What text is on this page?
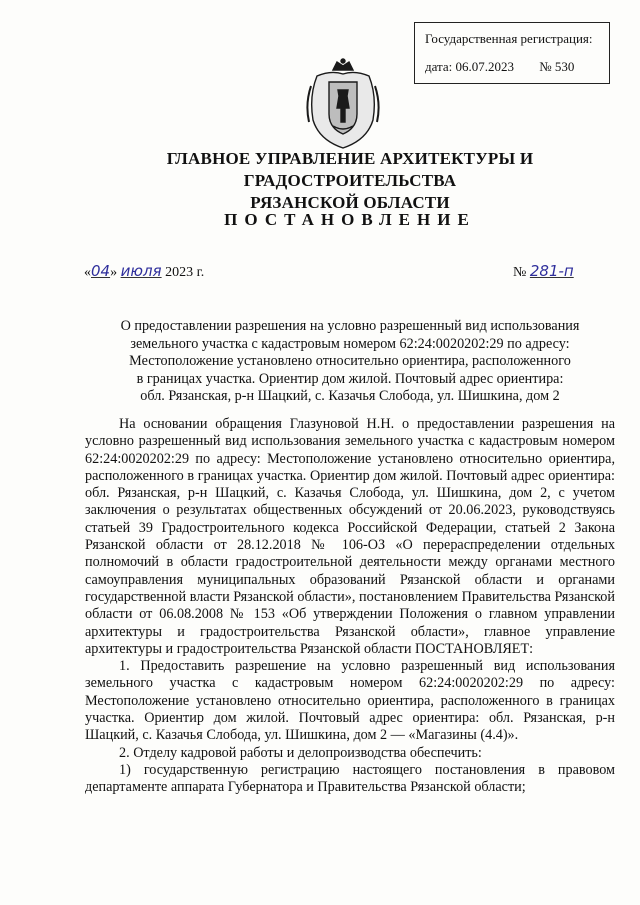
Государственная регистрация:
дата: 06.07.2023 № 530
ГЛАВНОЕ УПРАВЛЕНИЕ АРХИТЕКТУРЫ И ГРАДОСТРОИТЕЛЬСТВА
РЯЗАНСКОЙ ОБЛАСТИ
ПОСТАНОВЛЕНИЕ
«04» июля 2023 г.	№ 281-п
О предоставлении разрешения на условно разрешенный вид использования
земельного участка с кадастровым номером 62:24:0020202:29 по адресу:
Местоположение установлено относительно ориентира, расположенного
в границах участка. Ориентир дом жилой. Почтовый адрес ориентира:
обл. Рязанская, р-н Шацкий, с. Казачья Слобода, ул. Шишкина, дом 2

На основании обращения Глазуновой Н.Н. о предоставлении разрешения на условно разрешенный вид использования земельного участка с кадастровым номером 62:24:0020202:29 по адресу: Местоположение установлено относительно ориентира, расположенного в границах участка. Ориентир дом жилой. Почтовый адрес ориентира: обл. Рязанская, р-н Шацкий, с. Казачья Слобода, ул. Шишкина, дом 2, с учетом заключения о результатах общественных обсуждений от 20.06.2023, руководствуясь статьей 39 Градостроительного кодекса Российской Федерации, статьей 2 Закона Рязанской области от 28.12.2018 № 106-ОЗ «О перераспределении отдельных полномочий в области градостроительной деятельности между органами местного самоуправления муниципальных образований Рязанской области и органами государственной власти Рязанской области», постановлением Правительства Рязанской области от 06.08.2008 № 153 «Об утверждении Положения о главном управлении архитектуры и градостроительства Рязанской области», главное управление архитектуры и градостроительства Рязанской области ПОСТАНОВЛЯЕТ:

1. Предоставить разрешение на условно разрешенный вид использования земельного участка с кадастровым номером 62:24:0020202:29 по адресу: Местоположение установлено относительно ориентира, расположенного в границах участка. Ориентир дом жилой. Почтовый адрес ориентира: обл. Рязанская, р-н Шацкий, с. Казачья Слобода, ул. Шишкина, дом 2 — «Магазины (4.4)».

2. Отделу кадровой работы и делопроизводства обеспечить:

1) государственную регистрацию настоящего постановления в правовом департаменте аппарата Губернатора и Правительства Рязанской области;
